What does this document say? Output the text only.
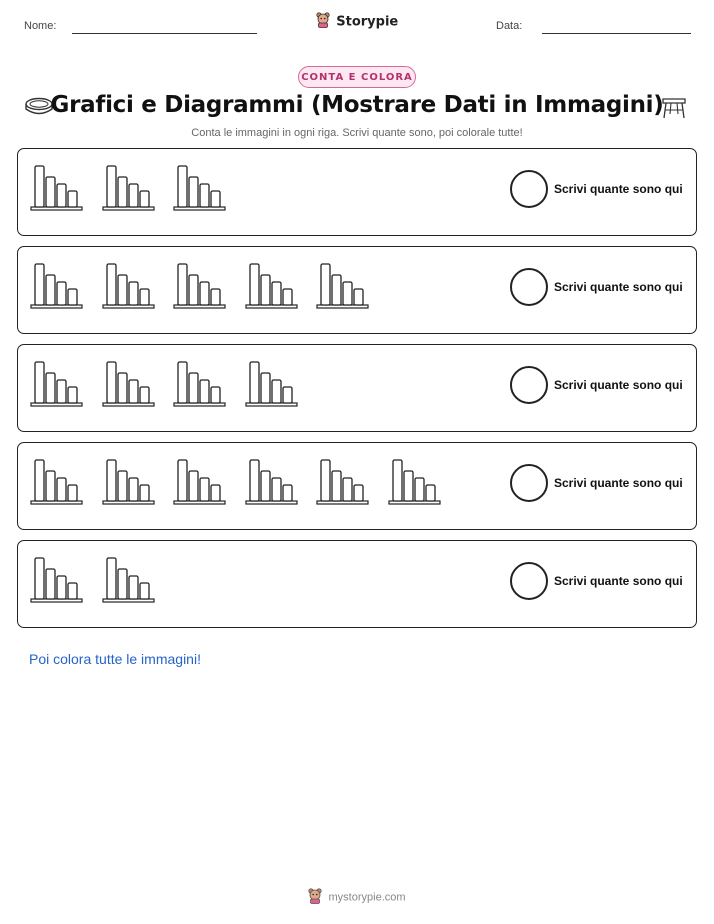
Nome:	Storypie	Data:
CONTA E COLORA
Grafici e Diagrammi (Mostrare Dati in Immagini)
Conta le immagini in ogni riga. Scrivi quante sono, poi colorale tutte!
Scrivi quante sono qui
Scrivi quante sono qui
Scrivi quante sono qui
Scrivi quante sono qui
Scrivi quante sono qui
Poi colora tutte le immagini!
mystorypie.com
